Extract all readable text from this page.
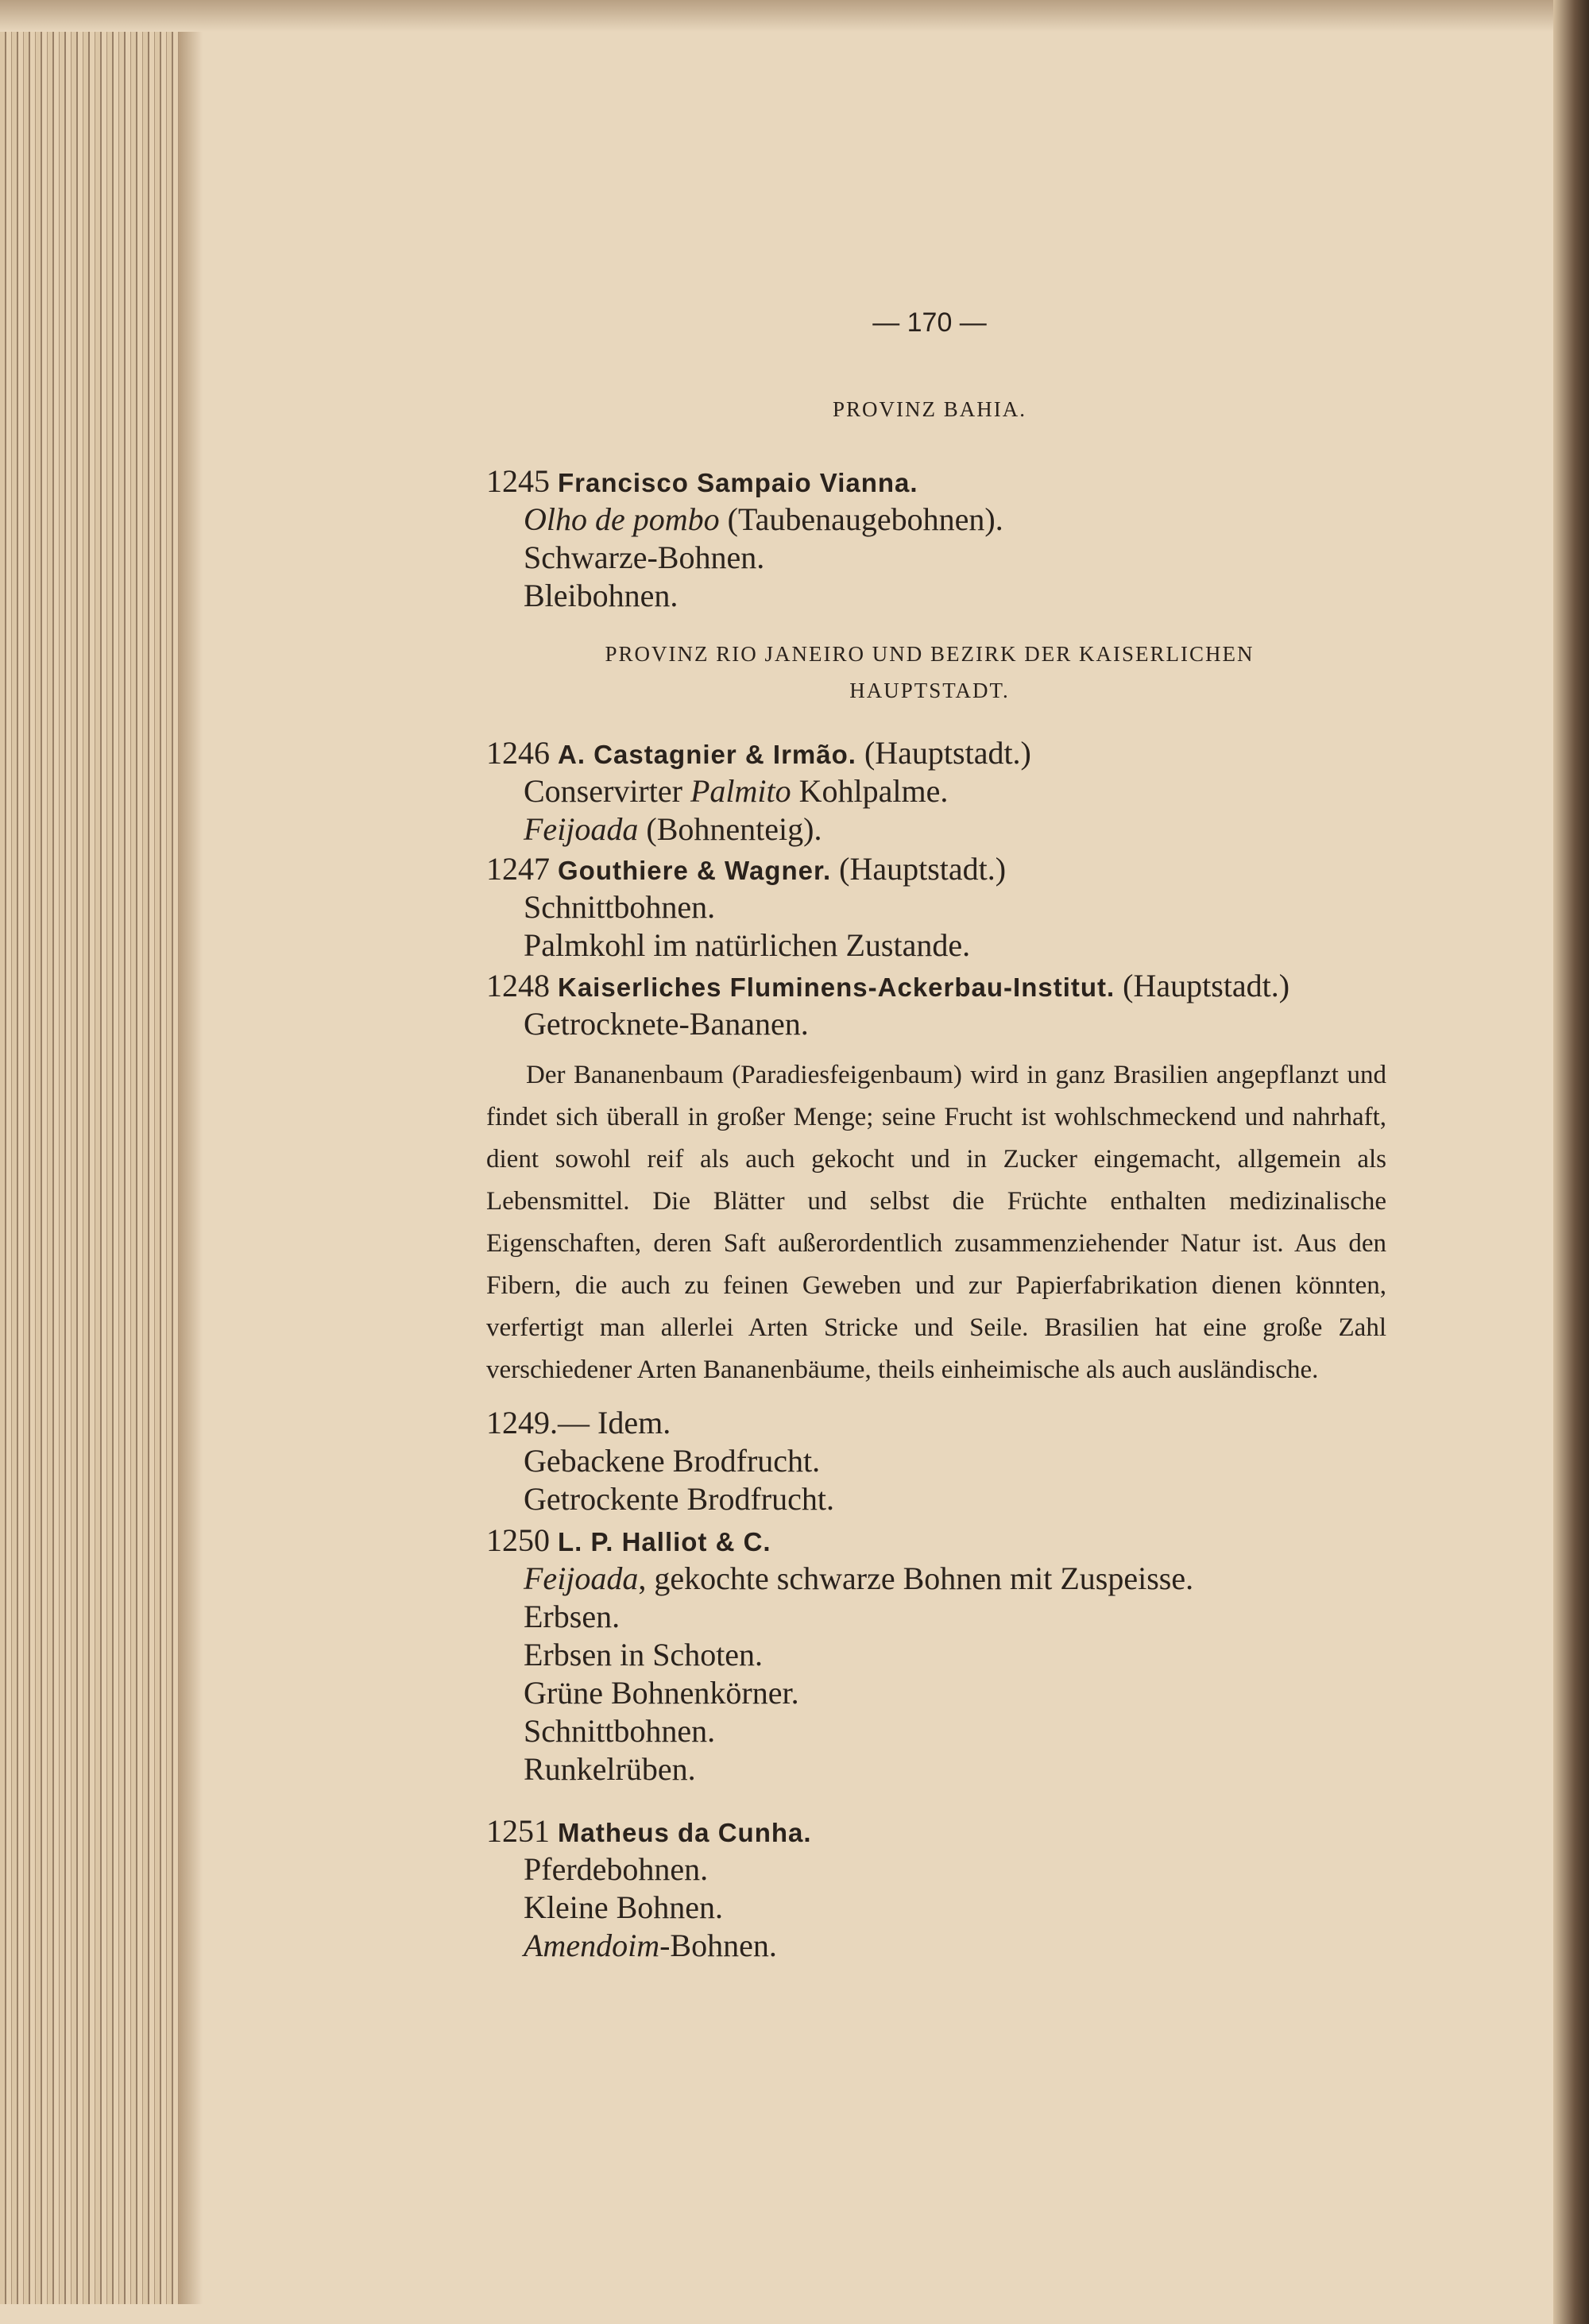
— 170 —
PROVINZ BAHIA.
1245 Francisco Sampaio Vianna.
Olho de pombo (Taubenaugebohnen).
Schwarze-Bohnen.
Bleibohnen.
PROVINZ RIO JANEIRO UND BEZIRK DER KAISERLICHEN
HAUPTSTADT.
1246 A. Castagnier & Irmão. (Hauptstadt.)
Conservirter Palmito Kohlpalme.
Feijoada (Bohnenteig).
1247 Gouthiere & Wagner. (Hauptstadt.)
Schnittbohnen.
Palmkohl im natürlichen Zustande.
1248 Kaiserliches Fluminens-Ackerbau-Institut. (Hauptstadt.)
Getrocknete-Bananen.
Der Bananenbaum (Paradiesfeigenbaum) wird in ganz Brasilien angepflanzt und findet sich überall in großer Menge; seine Frucht ist wohlschmeckend und nahrhaft, dient sowohl reif als auch gekocht und in Zucker eingemacht, allgemein als Lebensmittel. Die Blätter und selbst die Früchte enthalten medizinalische Eigenschaften, deren Saft außerordentlich zusammenziehender Natur ist. Aus den Fibern, die auch zu feinen Geweben und zur Papierfabrikation dienen könnten, verfertigt man allerlei Arten Stricke und Seile. Brasilien hat eine große Zahl verschiedener Arten Bananenbäume, theils einheimische als auch ausländische.
1249.— Idem.
Gebackene Brodfrucht.
Getrockente Brodfrucht.
1250 L. P. Halliot & C.
Feijoada, gekochte schwarze Bohnen mit Zuspeisse.
Erbsen.
Erbsen in Schoten.
Grüne Bohnenkörner.
Schnittbohnen.
Runkelrüben.
1251 Matheus da Cunha.
Pferdebohnen.
Kleine Bohnen.
Amendoim-Bohnen.
